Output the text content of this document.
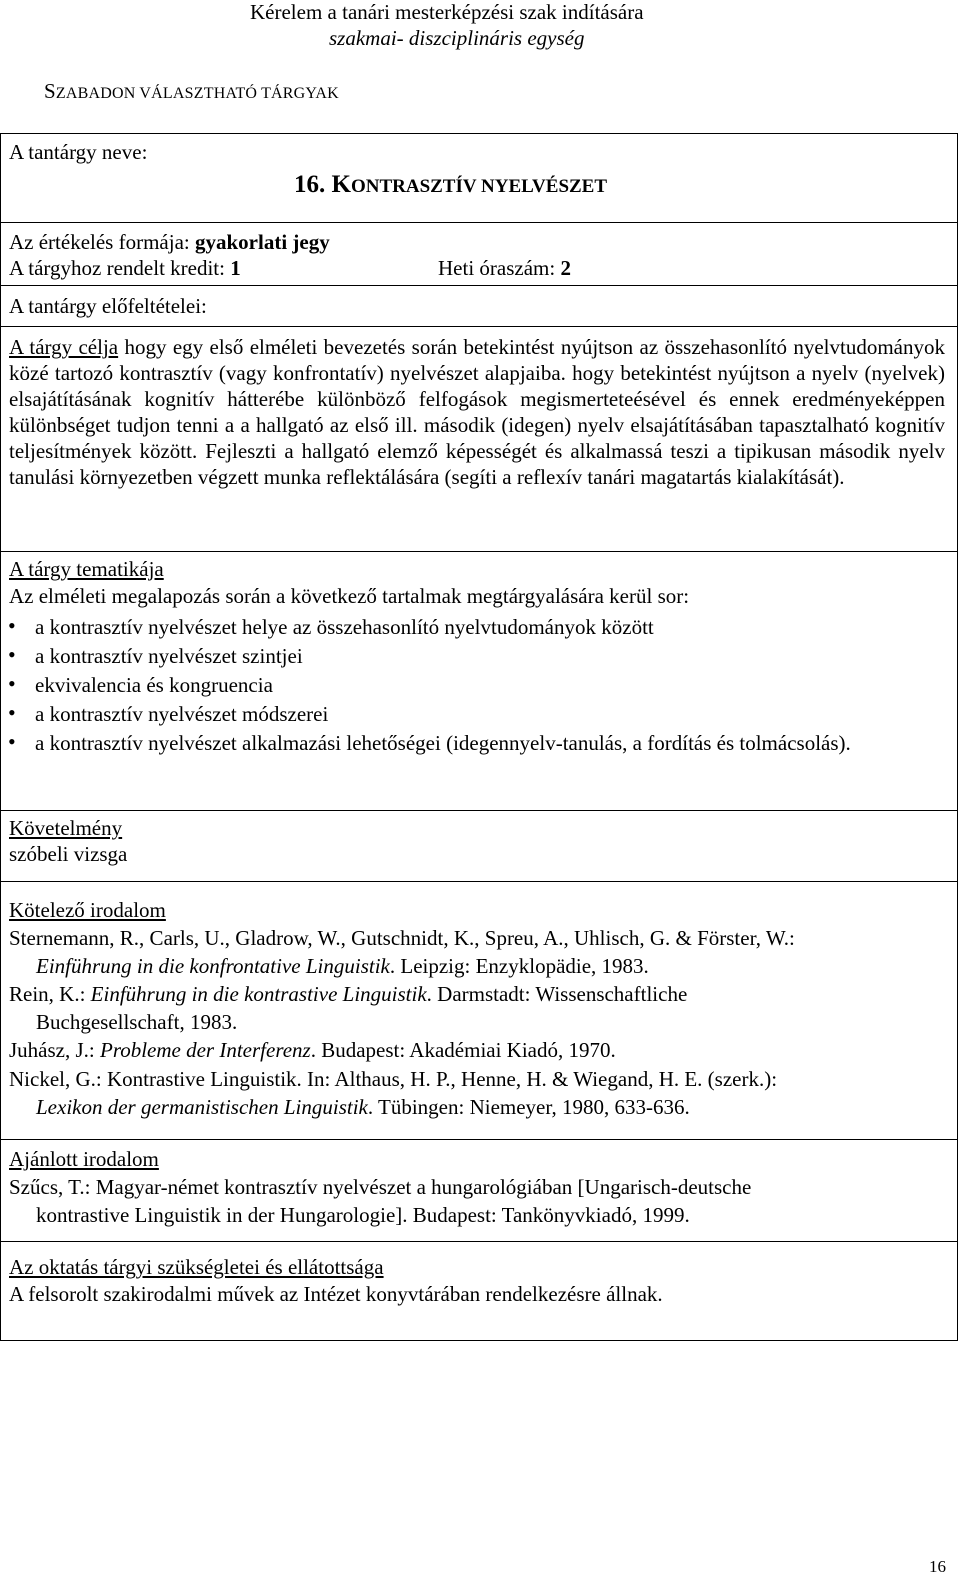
Kérelem a tanári mesterképzési szak indítására
szakmai- diszciplináris egység
SZABADON VÁLASZTHATÓ TÁRGYAK
A tantárgy neve:
16. KONTRASZTÍV NYELVÉSZET
Az értékelés formája: gyakorlati jegy
A tárgyhoz rendelt kredit: 1	Heti óraszám: 2
A tantárgy előfeltételei:
A tárgy célja hogy egy első elméleti bevezetés során betekintést nyújtson az összehasonlító nyelvtudományok közé tartozó kontrasztív (vagy konfrontatív) nyelvészet alapjaiba. hogy betekintést nyújtson a nyelv (nyelvek) elsajátításának kognitív hátterébe különböző felfogások megismerteteésével és ennek eredményeképpen különbséget tudjon tenni a a hallgató az első ill. második (idegen) nyelv elsajátításában tapasztalható kognitív teljesítmények között. Fejleszti a hallgató elemző képességét és alkalmassá teszi a tipikusan második nyelv tanulási környezetben végzett munka reflektálására (segíti a reflexív tanári magatartás kialakítását).
A tárgy tematikája
Az elméleti megalapozás során a következő tartalmak megtárgyalására kerül sor:
• a kontrasztív nyelvészet helye az összehasonlító nyelvtudományok között
• a kontrasztív nyelvészet szintjei
• ekvivalencia és kongruencia
• a kontrasztív nyelvészet módszerei
• a kontrasztív nyelvészet alkalmazási lehetőségei (idegennyelv-tanulás, a fordítás és tolmácsolás).
Követelmény
szóbeli vizsga
Kötelező irodalom
Sternemann, R., Carls, U., Gladrow, W., Gutschnidt, K., Spreu, A., Uhlisch, G. & Förster, W.:
Einführung in die konfrontative Linguistik. Leipzig: Enzyklopädie, 1983.
Rein, K.: Einführung in die kontrastive Linguistik. Darmstadt: Wissenschaftliche
Buchgesellschaft, 1983.
Juhász, J.: Probleme der Interferenz. Budapest: Akadémiai Kiadó, 1970.
Nickel, G.: Kontrastive Linguistik. In: Althaus, H. P., Henne, H. & Wiegand, H. E. (szerk.):
Lexikon der germanistischen Linguistik. Tübingen: Niemeyer, 1980, 633-636.
Ajánlott irodalom
Szűcs, T.: Magyar-német kontrasztív nyelvészet a hungarológiában [Ungarisch-deutsche
kontrastive Linguistik in der Hungarologie]. Budapest: Tankönyvkiadó, 1999.
Az oktatás tárgyi szükségletei és ellátottsága
A felsorolt szakirodalmi művek az Intézet konyvtárában rendelkezésre állnak.
16
